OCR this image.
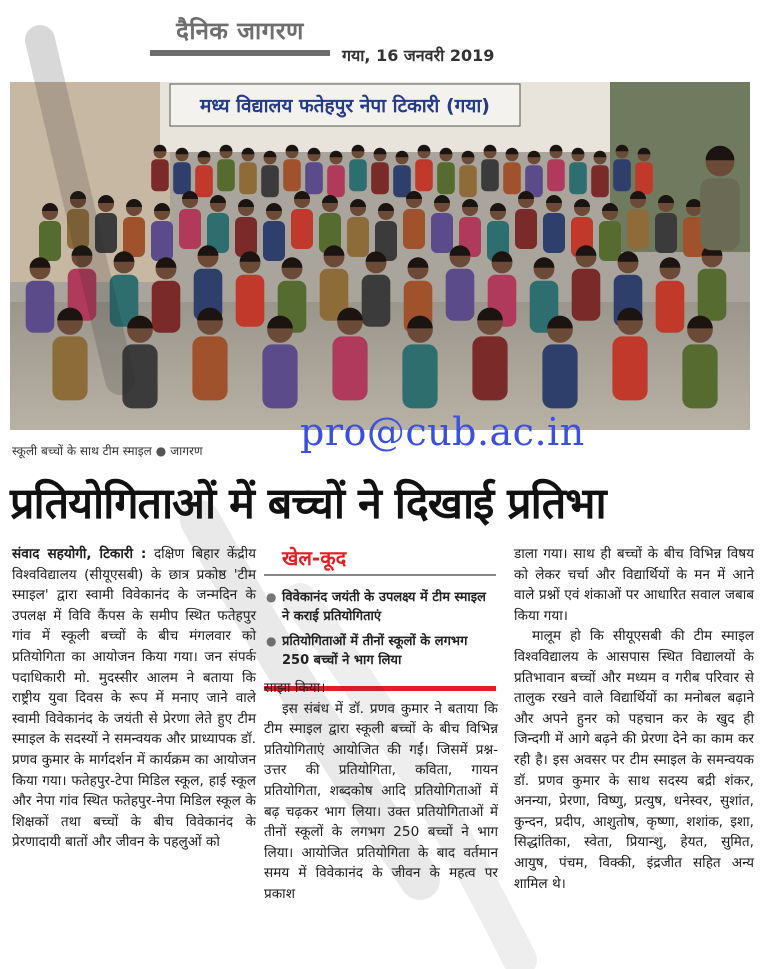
दैनिक जागरण
गया, 16 जनवरी 2019
मध्य विद्यालय फतेहपुर नेपा टिकारी (गया)
स्कूली बच्चों के साथ टीम स्माइल ● जागरण	pro@cub.ac.in
प्रतियोगिताओं में बच्चों ने दिखाई प्रतिभा

संवाद सहयोगी, टिकारी : दक्षिण बिहार केंद्रीय विश्वविद्यालय (सीयूएसबी) के छात्र प्रकोष्ठ 'टीम स्माइल' द्वारा स्वामी विवेकानंद के जन्मदिन के उपलक्ष में विवि कैंपस के समीप स्थित फतेहपुर गांव में स्कूली बच्चों के बीच मंगलवार को प्रतियोगिता का आयोजन किया गया। जन संपर्क पदाधिकारी मो. मुदस्सीर आलम ने बताया कि राष्ट्रीय युवा दिवस के रूप में मनाए जाने वाले स्वामी विवेकानंद के जयंती से प्रेरणा लेते हुए टीम स्माइल के सदस्यों ने समन्वयक और प्राध्यापक डॉ. प्रणव कुमार के मार्गदर्शन में कार्यक्रम का आयोजन किया गया। फतेहपुर-टेपा मिडिल स्कूल, हाई स्कूल और नेपा गांव स्थित फतेहपुर-नेपा मिडिल स्कूल के शिक्षकों तथा बच्चों के बीच विवेकानंद के प्रेरणादायी बातों और जीवन के पहलुओं को

खेल-कूद
● विवेकानंद जयंती के उपलक्ष्य में टीम स्माइल ने कराई प्रतियोगिताएं
● प्रतियोगिताओं में तीनों स्कूलों के लगभग 250 बच्चों ने भाग लिया

साझा किया।

इस संबंध में डॉ. प्रणव कुमार ने बताया कि टीम स्माइल द्वारा स्कूली बच्चों के बीच विभिन्न प्रतियोगिताएं आयोजित की गईं। जिसमें प्रश्न-उत्तर की प्रतियोगिता, कविता, गायन प्रतियोगिता, शब्दकोष आदि प्रतियोगिताओं में बढ़ चढ़कर भाग लिया। उक्त प्रतियोगिताओं में तीनों स्कूलों के लगभग 250 बच्चों ने भाग लिया। आयोजित प्रतियोगिता के बाद वर्तमान समय में विवेकानंद के जीवन के महत्व पर प्रकाश

डाला गया। साथ ही बच्चों के बीच विभिन्न विषय को लेकर चर्चा और विद्यार्थियों के मन में आने वाले प्रश्नों एवं शंकाओं पर आधारित सवाल जबाब किया गया।

मालूम हो कि सीयूएसबी की टीम स्माइल विश्वविद्यालय के आसपास स्थित विद्यालयों के प्रतिभावान बच्चों और मध्यम व गरीब परिवार से तालुक रखने वाले विद्यार्थियों का मनोबल बढ़ाने और अपने हुनर को पहचान कर के खुद ही जिन्दगी में आगे बढ़ने की प्रेरणा देने का काम कर रही है। इस अवसर पर टीम स्माइल के समन्वयक डॉ. प्रणव कुमार के साथ सदस्य बद्री शंकर, अनन्या, प्रेरणा, विष्णु, प्रत्युष, धनेस्वर, सुशांत, कुन्दन, प्रदीप, आशुतोष, कृष्णा, शशांक, इशा, सिद्धांतिका, स्वेता, प्रियान्शु, हेयत, सुमित, आयुष, पंचम, विक्की, इंद्रजीत सहित अन्य शामिल थे।
